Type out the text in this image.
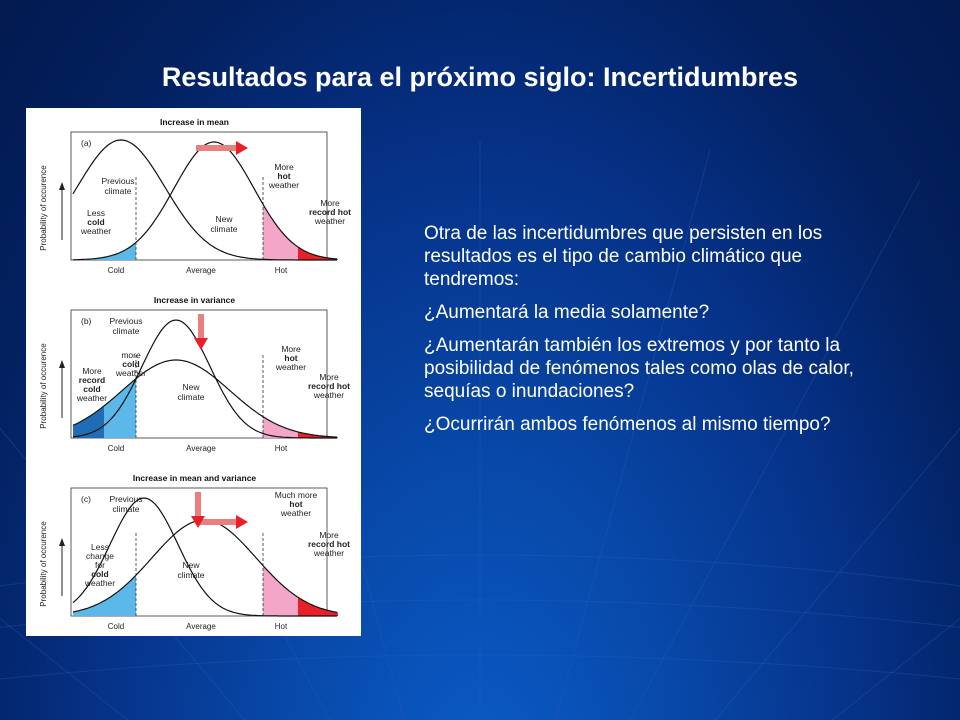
Resultados para el próximo siglo: Incertidumbres
Increase in mean
(a)
Probability of occurence
Cold	Average	Hot
Previous
climate
New
climate
Less
cold
weather
More
hot
weather
More
record hot
weather
Increase in variance
(b)
Probability of occurence
Cold	Average	Hot
Previous
climate
New
climate
More
record
cold
weather
more
cold
weather
More
hot
weather
More
record hot
weather
Increase in mean and variance
(c)
Probability of occurence
Cold	Average	Hot
Previous
climate
New
climate
Less
change
for
cold
weather
Much more
hot
weather
More
record hot
weather

Otra de las incertidumbres que persisten en los resultados es el tipo de cambio climático que tendremos:

¿Aumentará la media solamente?

¿Aumentarán también los extremos y por tanto la posibilidad de fenómenos tales como olas de calor, sequías o inundaciones?

¿Ocurrirán ambos fenómenos al mismo tiempo?
